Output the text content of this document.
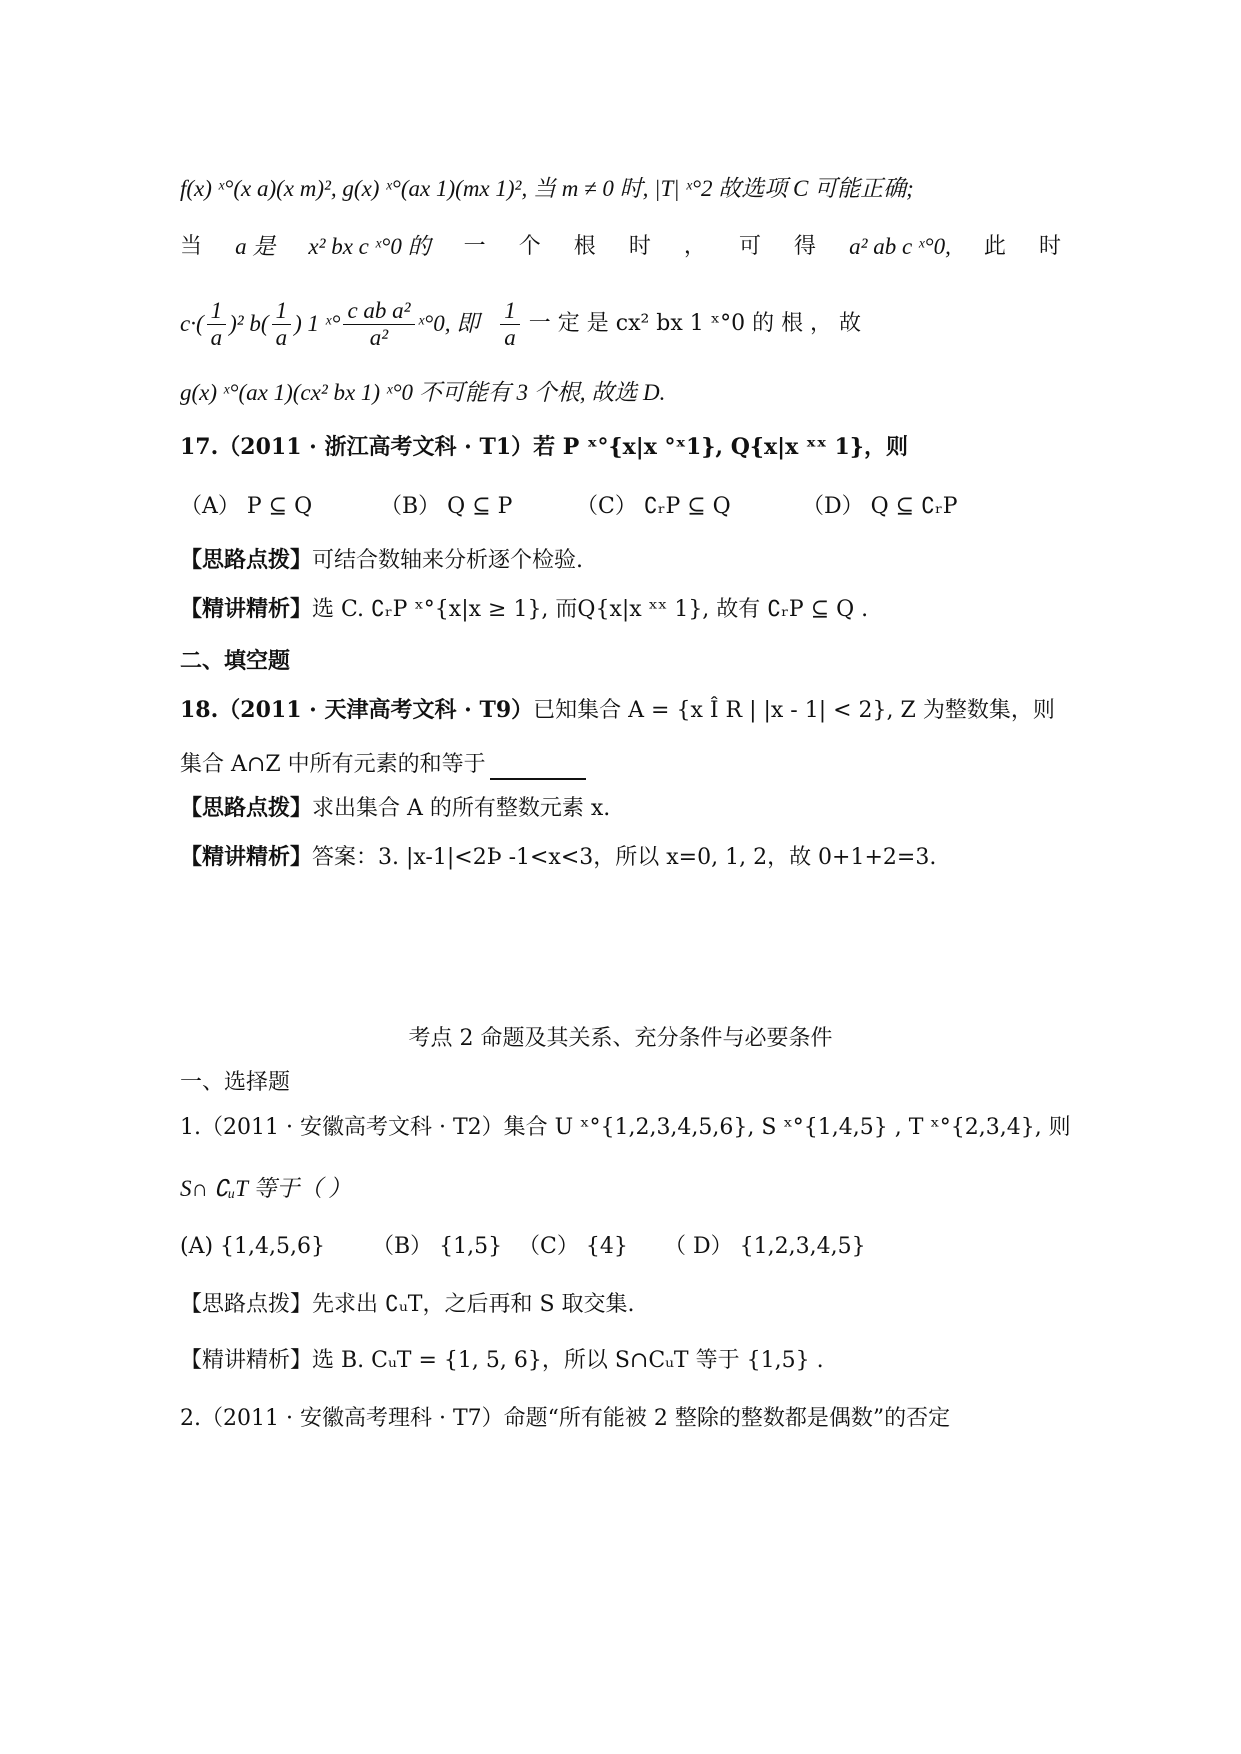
f(x) ˣ°(x a)(x m)², g(x) ˣ°(ax 1)(mx 1)², 当 m ≠ 0 时, |T| ˣ°2 故选项 C 可能正确;
当 a 是 x² bx c ˣ°0 的 一 个 根 时 ， 可 得 a² ab c ˣ°0, 此 时
$c\cdot( \frac{1}{a} )^2$ $b( \frac{1}{a}$ ) 1 ˣ° $\frac{\text{c ab a²}}{\text{a²}}$ ˣ°0, 即 $\frac{1}{a}$ 一 定 是 cx² bx 1 ˣ°0 的 根 ， 故
g(x) ˣ°(ax 1)(cx² bx 1) ˣ°0 不可能有 3 个根, 故选 D.
17.（2011 · 浙江高考文科 · T1）若 P ˣ°{x|x °ˣ1}, Q{x|x ˣˣ 1}，则
（A） P ⊆ Q	（B） Q ⊆ P	（C） ∁ᵣP ⊆ Q	（D） Q ⊆ ∁ᵣP
【思路点拨】可结合数轴来分析逐个检验.
【精讲精析】选 C. ∁ᵣP ˣ°{x|x ≥ 1}, 而Q{x|x ˣˣ 1}, 故有 ∁ᵣP ⊆ Q .
二、填空题
18.（2011 · 天津高考文科 · T9）已知集合 A = {x Î R | |x - 1| < 2}, Z 为整数集，则
集合 A∩Z 中所有元素的和等于
【思路点拨】求出集合 A 的所有整数元素 x.
【精讲精析】答案：3. |x-1|<2Þ -1<x<3，所以 x=0, 1, 2，故 0+1+2=3.
考点 2 命题及其关系、充分条件与必要条件
一、选择题
1.（2011 · 安徽高考文科 · T2）集合 U ˣ°{1,2,3,4,5,6}, S ˣ°{1,4,5} , T ˣ°{2,3,4}, 则
S∩ ∁ᵤT 等于（ ）
(A) {1,4,5,6}	（B） {1,5} （C） {4}	（ D） {1,2,3,4,5}
【思路点拨】先求出 ∁ᵤT，之后再和 S 取交集.
【精讲精析】选 B. CᵤT = {1, 5, 6}，所以 S∩CᵤT 等于 {1,5} .
2.（2011 · 安徽高考理科 · T7）命题“所有能被 2 整除的整数都是偶数”的否定
